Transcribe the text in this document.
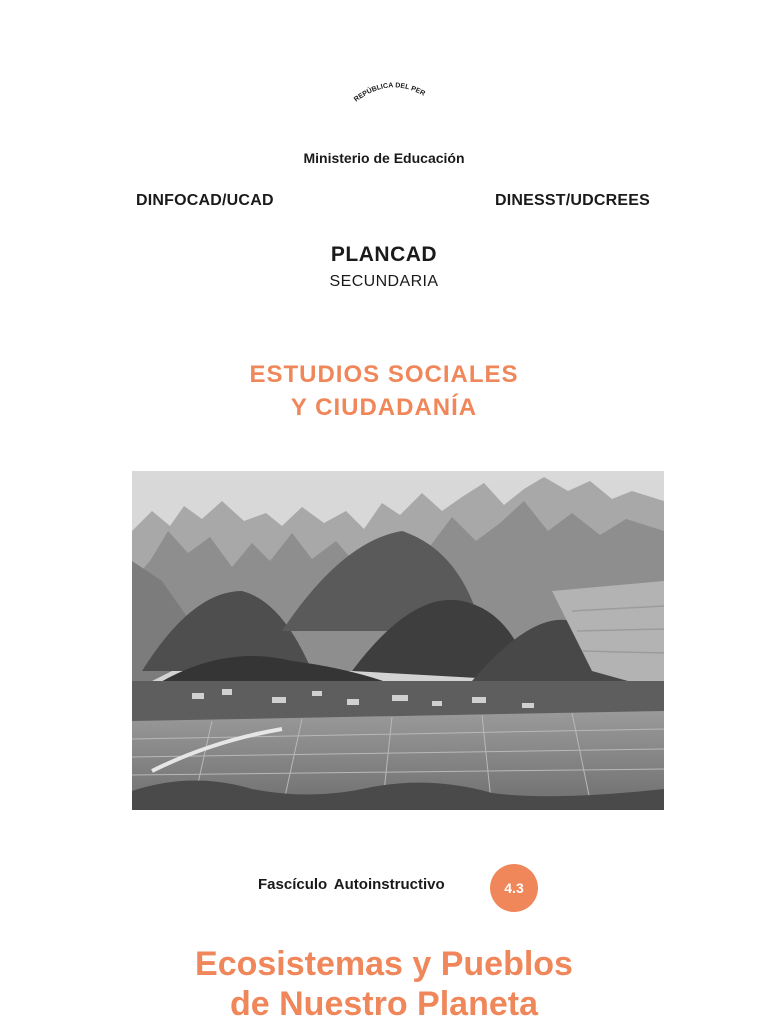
REPÚBLICA DEL PER
Ministerio de Educación
DINFOCAD/UCAD	DINESST/UDCREES
PLANCAD
SECUNDARIA
ESTUDIOS SOCIALES
Y CIUDADANÍA
Fascículo Autoinstructivo	4.3
Ecosistemas y Pueblos
de Nuestro Planeta
